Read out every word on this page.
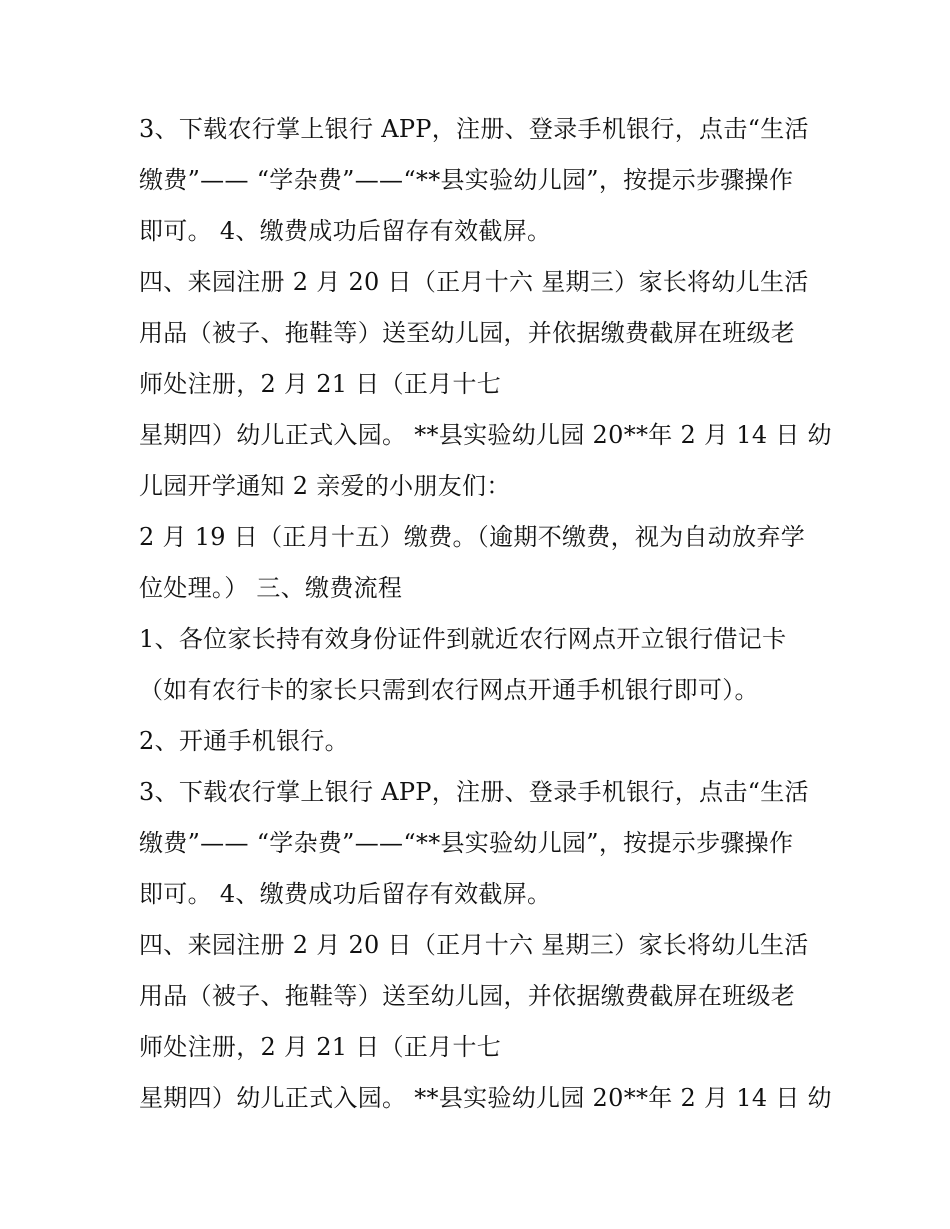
3、下载农行掌上银行 APP，注册、登录手机银行，点击“生活
缴费”—— “学杂费”——“**县实验幼儿园”，按提示步骤操作
即可。 4、缴费成功后留存有效截屏。
四、来园注册 2 月 20 日（正月十六 星期三）家长将幼儿生活
用品（被子、拖鞋等）送至幼儿园，并依据缴费截屏在班级老
师处注册，2 月 21 日（正月十七
星期四）幼儿正式入园。 **县实验幼儿园 20**年 2 月 14 日 幼
儿园开学通知 2 亲爱的小朋友们：
2 月 19 日（正月十五）缴费。（逾期不缴费，视为自动放弃学
位处理。） 三、缴费流程
1、各位家长持有效身份证件到就近农行网点开立银行借记卡
（如有农行卡的家长只需到农行网点开通手机银行即可）。
2、开通手机银行。
3、下载农行掌上银行 APP，注册、登录手机银行，点击“生活
缴费”—— “学杂费”——“**县实验幼儿园”，按提示步骤操作
即可。 4、缴费成功后留存有效截屏。
四、来园注册 2 月 20 日（正月十六 星期三）家长将幼儿生活
用品（被子、拖鞋等）送至幼儿园，并依据缴费截屏在班级老
师处注册，2 月 21 日（正月十七
星期四）幼儿正式入园。 **县实验幼儿园 20**年 2 月 14 日 幼
